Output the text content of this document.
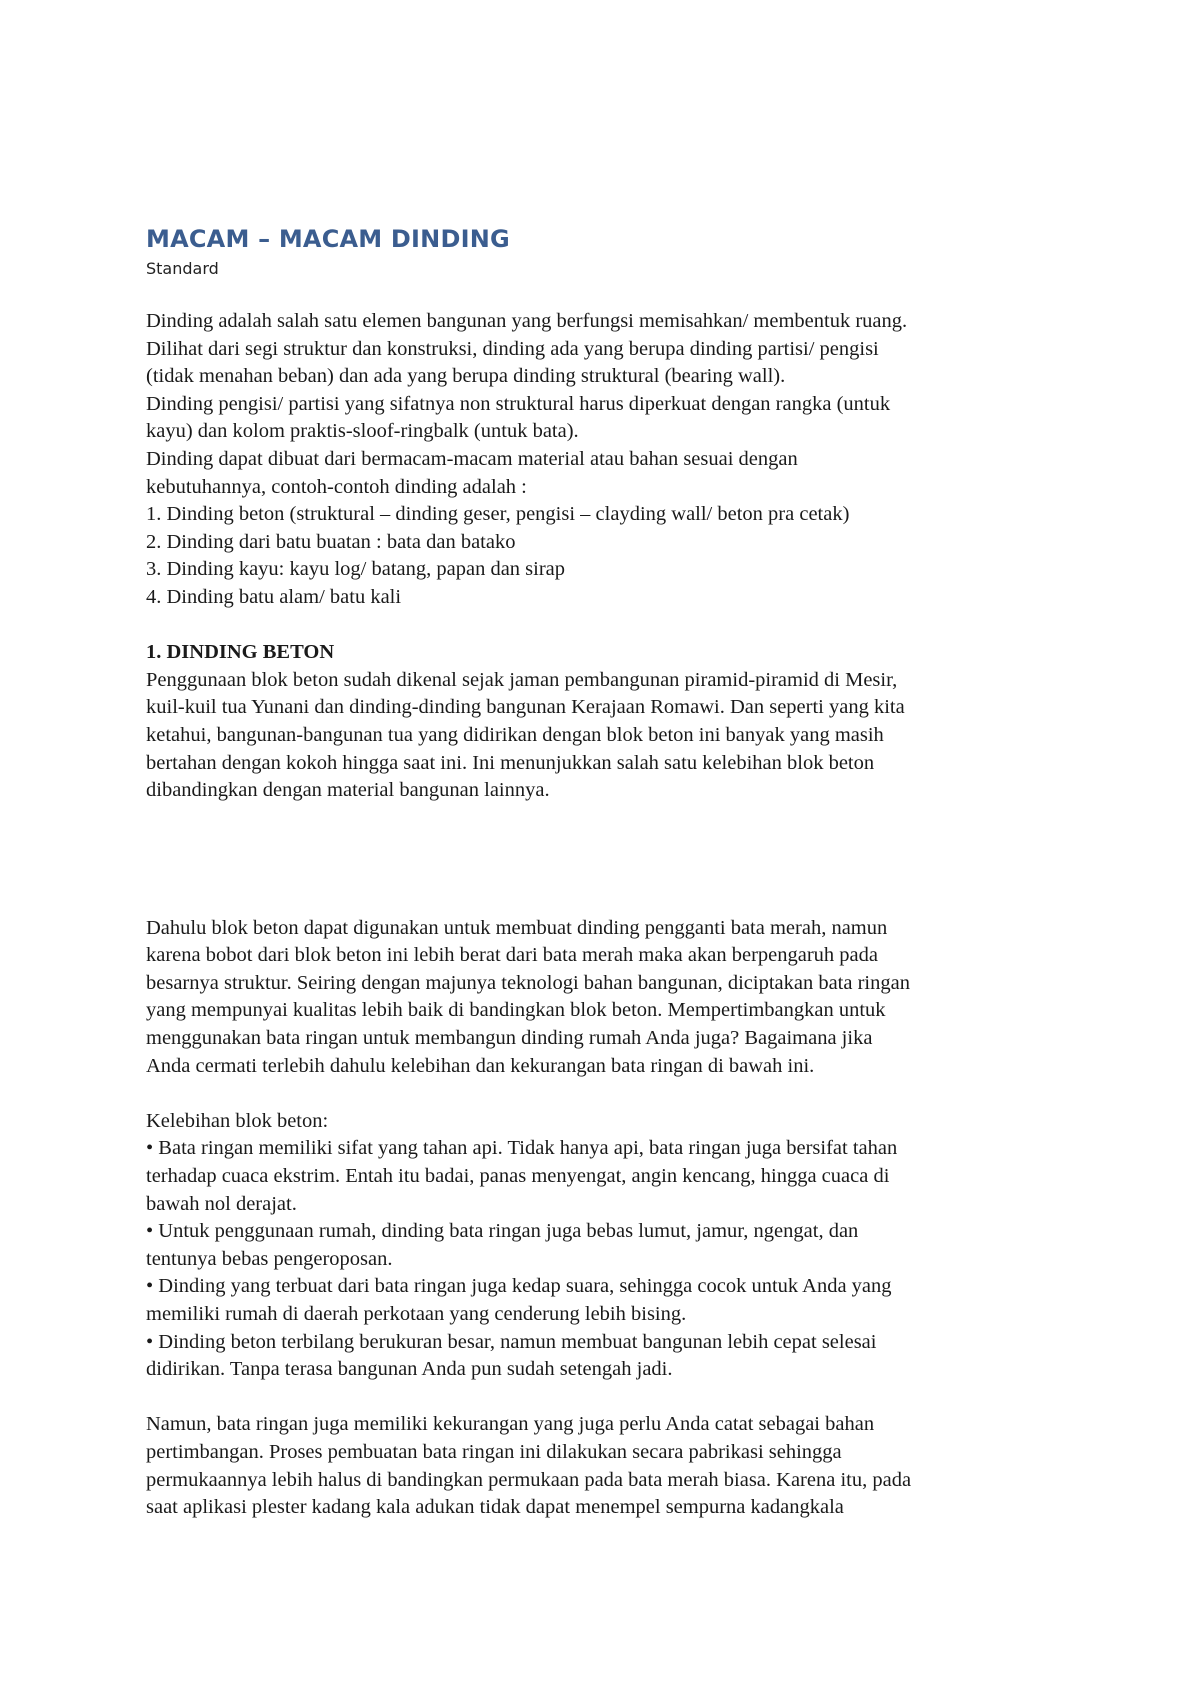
MACAM – MACAM DINDING
Standard
Dinding adalah salah satu elemen bangunan yang berfungsi memisahkan/ membentuk ruang.
Dilihat dari segi struktur dan konstruksi, dinding ada yang berupa dinding partisi/ pengisi
(tidak menahan beban) dan ada yang berupa dinding struktural (bearing wall).
Dinding pengisi/ partisi yang sifatnya non struktural harus diperkuat dengan rangka (untuk
kayu) dan kolom praktis-sloof-ringbalk (untuk bata).
Dinding dapat dibuat dari bermacam-macam material atau bahan sesuai dengan
kebutuhannya, contoh-contoh dinding adalah :
1. Dinding beton (struktural – dinding geser, pengisi – clayding wall/ beton pra cetak)
2. Dinding dari batu buatan : bata dan batako
3. Dinding kayu: kayu log/ batang, papan dan sirap
4. Dinding batu alam/ batu kali
1. DINDING BETON
Penggunaan blok beton sudah dikenal sejak jaman pembangunan piramid-piramid di Mesir,
kuil-kuil tua Yunani dan dinding-dinding bangunan Kerajaan Romawi. Dan seperti yang kita
ketahui, bangunan-bangunan tua yang didirikan dengan blok beton ini banyak yang masih
bertahan dengan kokoh hingga saat ini. Ini menunjukkan salah satu kelebihan blok beton
dibandingkan dengan material bangunan lainnya.
Dahulu blok beton dapat digunakan untuk membuat dinding pengganti bata merah, namun
karena bobot dari blok beton ini lebih berat dari bata merah maka akan berpengaruh pada
besarnya struktur. Seiring dengan majunya teknologi bahan bangunan, diciptakan bata ringan
yang mempunyai kualitas lebih baik di bandingkan blok beton. Mempertimbangkan untuk
menggunakan bata ringan untuk membangun dinding rumah Anda juga? Bagaimana jika
Anda cermati terlebih dahulu kelebihan dan kekurangan bata ringan di bawah ini.
Kelebihan blok beton:
• Bata ringan memiliki sifat yang tahan api. Tidak hanya api, bata ringan juga bersifat tahan
terhadap cuaca ekstrim. Entah itu badai, panas menyengat, angin kencang, hingga cuaca di
bawah nol derajat.
• Untuk penggunaan rumah, dinding bata ringan juga bebas lumut, jamur, ngengat, dan
tentunya bebas pengeroposan.
• Dinding yang terbuat dari bata ringan juga kedap suara, sehingga cocok untuk Anda yang
memiliki rumah di daerah perkotaan yang cenderung lebih bising.
• Dinding beton terbilang berukuran besar, namun membuat bangunan lebih cepat selesai
didirikan. Tanpa terasa bangunan Anda pun sudah setengah jadi.
Namun, bata ringan juga memiliki kekurangan yang juga perlu Anda catat sebagai bahan
pertimbangan. Proses pembuatan bata ringan ini dilakukan secara pabrikasi sehingga
permukaannya lebih halus di bandingkan permukaan pada bata merah biasa. Karena itu, pada
saat aplikasi plester kadang kala adukan tidak dapat menempel sempurna kadangkala
